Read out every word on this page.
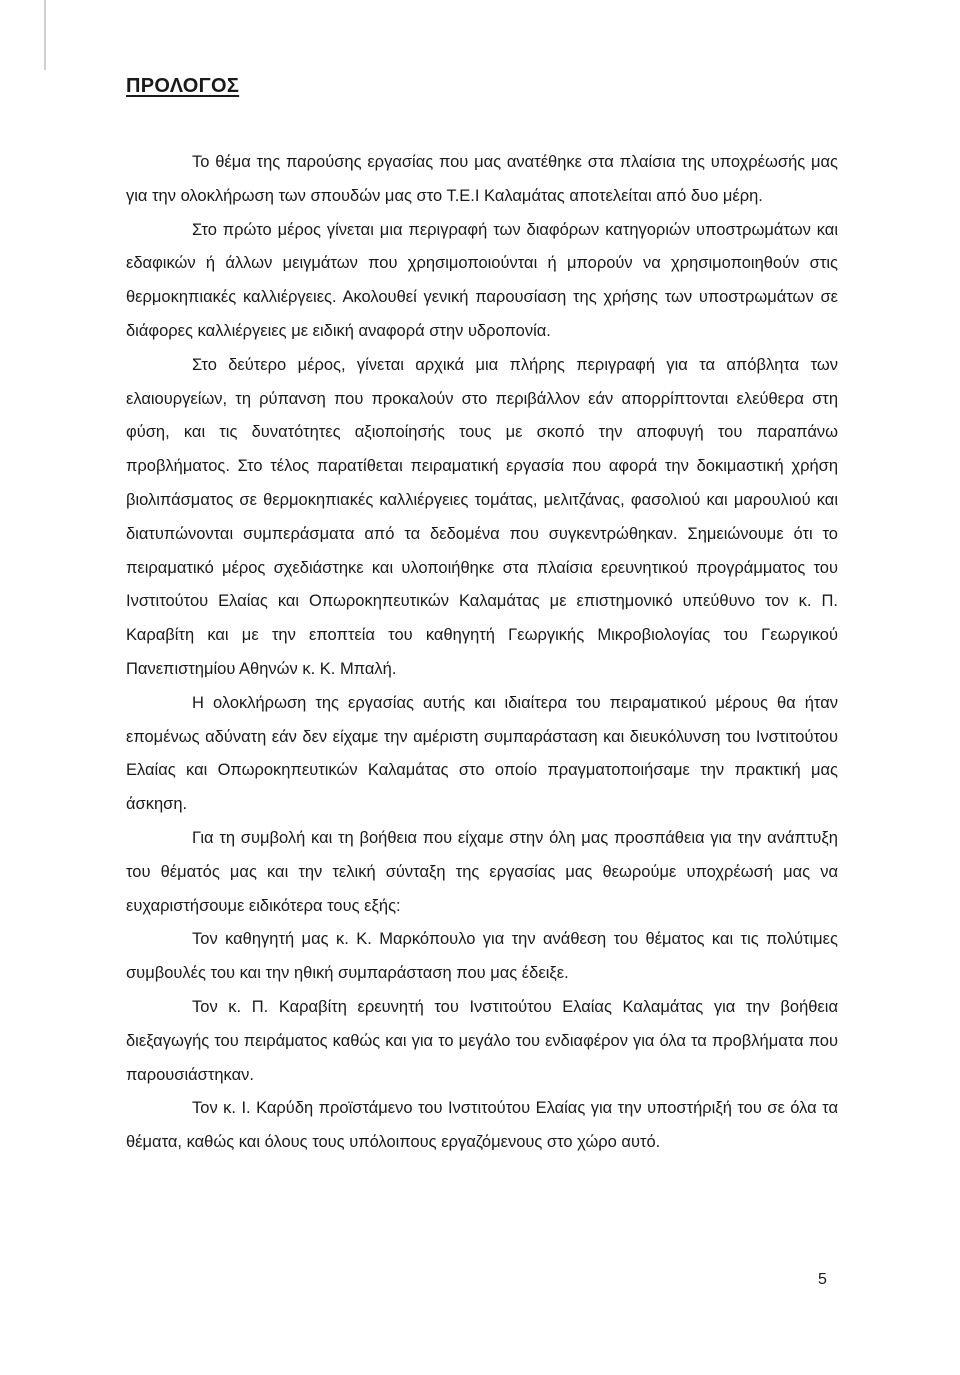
ΠΡΟΛΟΓΟΣ

Το θέμα της παρούσης εργασίας που μας ανατέθηκε στα πλαίσια της υποχρέωσής μας για την ολοκλήρωση των σπουδών μας στο Τ.Ε.Ι Καλαμάτας αποτελείται από δυο μέρη.

Στο πρώτο μέρος γίνεται μια περιγραφή των διαφόρων κατηγοριών υποστρωμάτων και εδαφικών ή άλλων μειγμάτων που χρησιμοποιούνται ή μπορούν να χρησιμοποιηθούν στις θερμοκηπιακές καλλιέργειες. Ακολουθεί γενική παρουσίαση της χρήσης των υποστρωμάτων σε διάφορες καλλιέργειες με ειδική αναφορά στην υδροπονία.

Στο δεύτερο μέρος, γίνεται αρχικά μια πλήρης περιγραφή για τα απόβλητα των ελαιουργείων, τη ρύπανση που προκαλούν στο περιβάλλον εάν απορρίπτονται ελεύθερα στη φύση, και τις δυνατότητες αξιοποίησής τους με σκοπό την αποφυγή του παραπάνω προβλήματος. Στο τέλος παρατίθεται πειραματική εργασία που αφορά την δοκιμαστική χρήση βιολιπάσματος σε θερμοκηπιακές καλλιέργειες τομάτας, μελιτζάνας, φασολιού και μαρουλιού και διατυπώνονται συμπεράσματα από τα δεδομένα που συγκεντρώθηκαν. Σημειώνουμε ότι το πειραματικό μέρος σχεδιάστηκε και υλοποιήθηκε στα πλαίσια ερευνητικού προγράμματος του Ινστιτούτου Ελαίας και Οπωροκηπευτικών Καλαμάτας με επιστημονικό υπεύθυνο τον κ. Π. Καραβίτη και με την εποπτεία του καθηγητή Γεωργικής Μικροβιολογίας του Γεωργικού Πανεπιστημίου Αθηνών κ. Κ. Μπαλή.

Η ολοκλήρωση της εργασίας αυτής και ιδιαίτερα του πειραματικού μέρους θα ήταν επομένως αδύνατη εάν δεν είχαμε την αμέριστη συμπαράσταση και διευκόλυνση του Ινστιτούτου Ελαίας και Οπωροκηπευτικών Καλαμάτας στο οποίο πραγματοποιήσαμε την πρακτική μας άσκηση.

Για τη συμβολή και τη βοήθεια που είχαμε στην όλη μας προσπάθεια για την ανάπτυξη του θέματός μας και την τελική σύνταξη της εργασίας μας θεωρούμε υποχρέωσή μας να ευχαριστήσουμε ειδικότερα τους εξής:

Τον καθηγητή μας κ. Κ. Μαρκόπουλο για την ανάθεση του θέματος και τις πολύτιμες συμβουλές του και την ηθική συμπαράσταση που μας έδειξε.

Τον κ. Π. Καραβίτη ερευνητή του Ινστιτούτου Ελαίας Καλαμάτας για την βοήθεια διεξαγωγής του πειράματος καθώς και για το μεγάλο του ενδιαφέρον για όλα τα προβλήματα που παρουσιάστηκαν.

Τον κ. Ι. Καρύδη προϊστάμενο του Ινστιτούτου Ελαίας για την υποστήριξή του σε όλα τα θέματα, καθώς και όλους τους υπόλοιπους εργαζόμενους στο χώρο αυτό.

5
